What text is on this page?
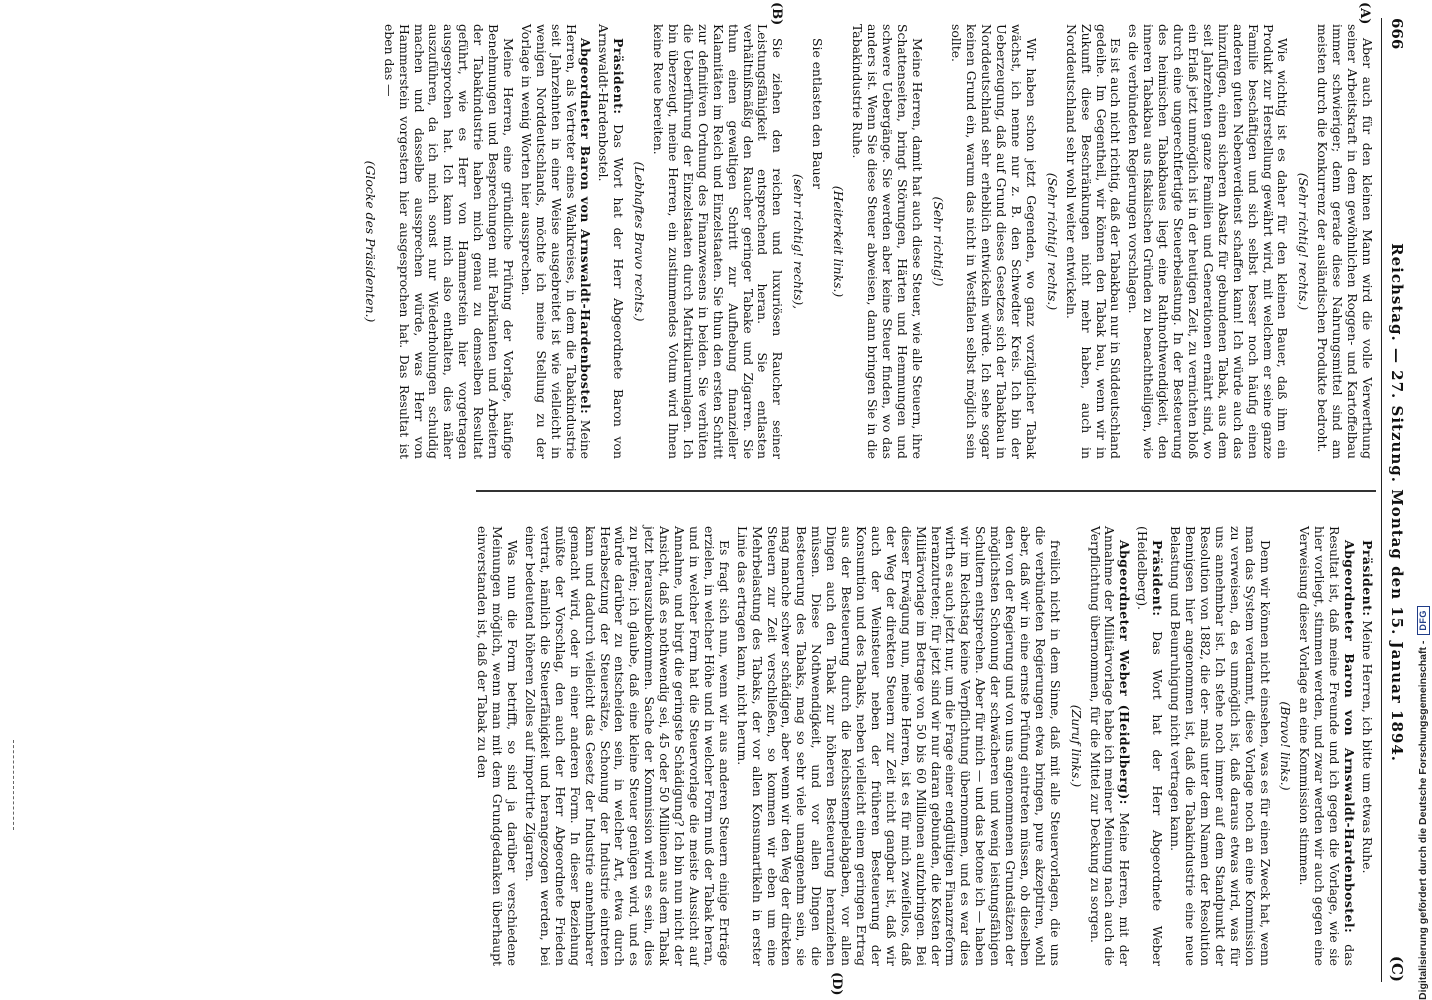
666
Reichstag. — 27. Sitzung. Montag den 15. Januar 1894.
(C)
(A)
(B)
(D)

Aber auch für den kleinen Mann wird die volle Verwerthung seiner Arbeitskraft in dem gewöhnlichen Roggen- und Kartoffelbau immer schwieriger; denn gerade diese Nahrungsmittel sind am meisten durch die Konkurrenz der ausländischen Produkte bedroht.

(Sehr richtig! rechts.)

Wie wichtig ist es daher für den kleinen Bauer, daß ihm ein Produkt zur Herstellung gewährt wird, mit welchem er seine ganze Familie beschäftigen und sich selbst besser noch häufig einen anderen guten Nebenverdienst schaffen kann! Ich würde auch das hinzufügen, einen sicheren Absatz für gebundenen Tabak, aus dem seit Jahrzehnten ganze Familien und Generationen ernährt sind, wo ein Erlaß jetzt unmöglich ist in der heutigen Zeit, zu vernichten bloß durch eine ungerechtfertigte Steuerbelastung. In der Besteuerung des heimischen Tabakbaues liegt eine Rathnothwendigkeit, den inneren Tabakbau aus fiskalischen Gründen zu benachtheiligen, wie es die verbündeten Regierungen vorschlagen.

Es ist auch nicht richtig, daß der Tabakbau nur in Süddeutschland gedeihe. Im Gegentheil, wir können den Tabak bau, wenn wir in Zukunft diese Beschränkungen nicht mehr haben, auch in Norddeutschland sehr wohl weiter entwickeln.

(Sehr richtig! rechts.)

Wir haben schon jetzt Gegenden, wo ganz vorzüglicher Tabak wächst, ich nenne nur z. B. den Schwedter Kreis. Ich bin der Ueberzeugung, daß auf Grund dieses Gesetzes sich der Tabakbau in Norddeutschland sehr erheblich entwickeln würde. Ich sehe sogar keinen Grund ein, warum das nicht in Westfalen selbst möglich sein sollte.

(Sehr richtig!)

Meine Herren, damit hat auch diese Steuer, wie alle Steuern, ihre Schattenseiten, bringt Störungen, Härten und Hemmungen und schwere Uebergänge. Sie werden aber keine Steuer finden, wo das anders ist. Wenn Sie diese Steuer abweisen, dann bringen Sie in die Tabakindustrie Ruhe.

(Heiterkeit links.)

Sie entlasten den Bauer

(sehr richtig! rechts),

Sie ziehen den reichen und luxuriösen Raucher seiner Leistungsfähigkeit entsprechend heran. Sie entlasten verhältnißmäßig den Raucher geringer Tabake und Zigarren. Sie thun einen gewaltigen Schritt zur Aufhebung finanzieller Kalamitäten im Reich und Einzelstaaten. Sie thun den ersten Schritt zur definitiven Ordnung des Finanzwesens in beiden. Sie verhüten die Ueberführung der Einzelstaaten durch Matrikularumlagen. Ich bin überzeugt, meine Herren, ein zustimmendes Votum wird Ihnen keine Reue bereiten.

(Lebhaftes Bravo rechts.)

Präsident: Das Wort hat der Herr Abgeordnete Baron von Arnswaldt-Hardenbostel.

Abgeordneter Baron von Arnswaldt-Hardenbostel: Meine Herren, als Vertreter eines Wahlkreises, in dem die Tabakindustrie seit Jahrzehnten in einer Weise ausgebreitet ist wie vielleicht in wenigen Norddeutschlands, möchte ich meine Stellung zu der Vorlage in wenig Worten hier aussprechen.

Meine Herren, eine gründliche Prüfung der Vorlage, häufige Benehmungen und Besprechungen mit Fabrikanten und Arbeitern der Tabakindustrie haben mich genau zu demselben Resultat geführt, wie es Herr von Hammerstein hier vorgetragen ausgesprochen hat. Ich kann mich also enthalten, dies näher auszuführen, da ich mich sonst nur Wiederholungen schuldig machen und dasselbe aussprechen würde, was Herr von Hammerstein vorgestern hier ausgesprochen hat. Das Resultat ist eben das —

(Glocke des Präsidenten.)

Präsident: Meine Herren, ich bitte um etwas Ruhe.

Abgeordneter Baron von Arnswaldt-Hardenbostel: das Resultat ist, daß meine Freunde und ich gegen die Vorlage, wie sie hier vorliegt, stimmen werden, und zwar werden wir auch gegen eine Verweisung dieser Vorlage an eine Kommission stimmen.

(Bravo! links.)

Denn wir können nicht einsehen, was es für einen Zweck hat, wenn man das System verdammt, diese Vorlage noch an eine Kommission zu verweisen, da es unmöglich ist, daß daraus etwas wird, was für uns annehmbar ist. Ich stehe noch immer auf dem Standpunkt der Resolution von 1882, die der- mals unter dem Namen der Resolution Bennigsen hier angenommen ist, daß die Tabakindustrie eine neue Belastung und Beunruhigung nicht vertragen kann.

Präsident: Das Wort hat der Herr Abgeordnete Weber (Heidelberg).

Abgeordneter Weber (Heidelberg): Meine Herren, mit der Annahme der Militärvorlage habe ich meiner Meinung nach auch die Verpflichtung übernommen, für die Mittel zur Deckung zu sorgen.

(Zuruf links.)

freilich nicht in dem Sinne, daß mit alle Steuervorlagen, die uns die verbündeten Regierungen etwa bringen, pure akzeptiren, wohl aber, daß wir in eine ernste Prüfung eintreten müssen, ob dieselben den von der Regierung und von uns angenommenen Grundsätzen der möglichsten Schonung der schwächeren und wenig leistungsfähigen Schultern entsprechen. Aber für mich — und das betone ich — haben wir im Reichstag keine Verpflichtung übernommen, und es war dies wirth es auch jetzt nur, um die Frage einer endgültigen Finanzreform heranzutreten; für jetzt sind wir nur daran gebunden, die Kosten der Militärvorlage im Betrage von 50 bis 60 Millionen aufzubringen. Bei dieser Erwägung nun, meine Herren, ist es für mich zweifellos, daß der Weg der direkten Steuern zur Zeit nicht gangbar ist, daß wir auch der Weinsteuer neben der früheren Besteuerung der Konsumtion und des Tabaks, neben vielleicht einem geringen Ertrag aus der Besteuerung durch die Reichsstempelabgaben, vor allen Dingen auch den Tabak zur höheren Besteuerung heranziehen müssen. Diese Nothwendigkeit, und vor allen Dingen die Besteuerung des Tabaks, mag so sehr viele unangenehm sein, sie mag manche schwer schädigen, aber wenn wir den Weg der direkten Steuern zur Zeit verschließen, so kommen wir eben um eine Mehrbelastung des Tabaks, der vor allen Konsumartikeln in erster Linie das ertragen kann, nicht herum.

Es fragt sich nun, wenn wir aus anderen Steuern einige Erträge erzielen, in welcher Höhe und in welcher Form muß der Tabak heran, und in welcher Form hat die Steuervorlage die meiste Aussicht auf Annahme, und birgt die geringste Schädigung? Ich bin nun nicht der Ansicht, daß es nothwendig sei, 45 oder 50 Millionen aus dem Tabak jetzt herauszubekommen. Sache der Kommission wird es sein, dies zu prüfen; ich glaube, daß eine kleine Steuer genügen wird, und es würde darüber zu entscheiden sein, in welcher Art, etwa durch Herabsetzung der Steuersätze, Schonung der Industrie eintreten kann und dadurch vielleicht das Gesetz der Industrie annehmbarer gemacht wird, oder in einer anderen Form. In dieser Beziehung müßte der Vorschlag, den auch der Herr Abgeordnete Frieden vertrat, nämlich die Steuerfähigkeit und herangezogen werden, bei einer bedeutend höheren Zolles auf importirte Zigarren.

Was nun die Form betrifft, so sind ja darüber verschiedene Meinungen möglich, wenn man mit dem Grundgedanken überhaupt einverstanden ist, daß der Tabak zu den	Digitalisierung gefördert durch die Deutsche Forschungsgemeinschaft -
DFG
